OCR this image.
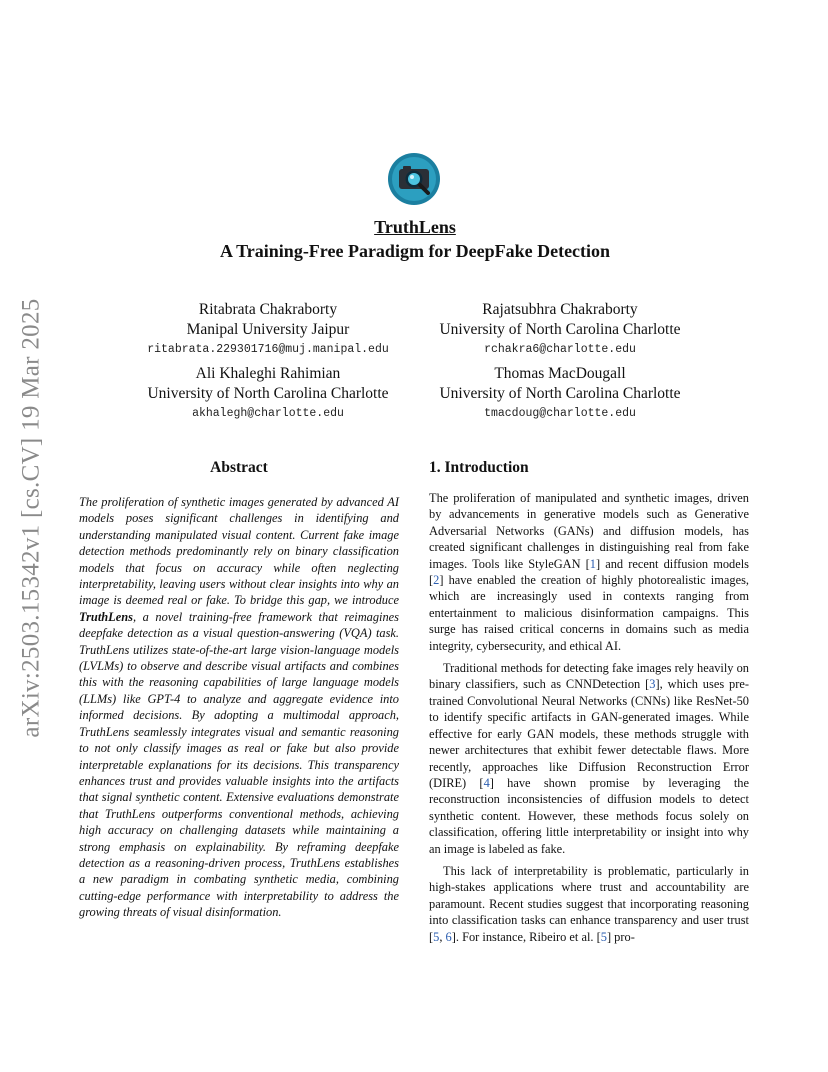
arXiv:2503.15342v1 [cs.CV] 19 Mar 2025
TruthLens
A Training-Free Paradigm for DeepFake Detection
Ritabrata Chakraborty
Manipal University Jaipur
ritabrata.229301716@muj.manipal.edu
Rajatsubhra Chakraborty
University of North Carolina Charlotte
rchakra6@charlotte.edu
Ali Khaleghi Rahimian
University of North Carolina Charlotte
akhalegh@charlotte.edu
Thomas MacDougall
University of North Carolina Charlotte
tmacdoug@charlotte.edu
Abstract	1. Introduction
The proliferation of synthetic images generated by advanced AI models poses significant challenges in identifying and understanding manipulated visual content. Current fake image detection methods predominantly rely on binary classification models that focus on accuracy while often neglecting interpretability, leaving users without clear insights into why an image is deemed real or fake. To bridge this gap, we introduce TruthLens, a novel training-free framework that reimagines deepfake detection as a visual question-answering (VQA) task. TruthLens utilizes state-of-the-art large vision-language models (LVLMs) to observe and describe visual artifacts and combines this with the reasoning capabilities of large language models (LLMs) like GPT-4 to analyze and aggregate evidence into informed decisions. By adopting a multimodal approach, TruthLens seamlessly integrates visual and semantic reasoning to not only classify images as real or fake but also provide interpretable explanations for its decisions. This transparency enhances trust and provides valuable insights into the artifacts that signal synthetic content. Extensive evaluations demonstrate that TruthLens outperforms conventional methods, achieving high accuracy on challenging datasets while maintaining a strong emphasis on explainability. By reframing deepfake detection as a reasoning-driven process, TruthLens establishes a new paradigm in combating synthetic media, combining cutting-edge performance with interpretability to address the growing threats of visual disinformation.

The proliferation of manipulated and synthetic images, driven by advancements in generative models such as Generative Adversarial Networks (GANs) and diffusion models, has created significant challenges in distinguishing real from fake images. Tools like StyleGAN [1] and recent diffusion models [2] have enabled the creation of highly photorealistic images, which are increasingly used in contexts ranging from entertainment to malicious disinformation campaigns. This surge has raised critical concerns in domains such as media integrity, cybersecurity, and ethical AI.

Traditional methods for detecting fake images rely heavily on binary classifiers, such as CNNDetection [3], which uses pre-trained Convolutional Neural Networks (CNNs) like ResNet-50 to identify specific artifacts in GAN-generated images. While effective for early GAN models, these methods struggle with newer architectures that exhibit fewer detectable flaws. More recently, approaches like Diffusion Reconstruction Error (DIRE) [4] have shown promise by leveraging the reconstruction inconsistencies of diffusion models to detect synthetic content. However, these methods focus solely on classification, offering little interpretability or insight into why an image is labeled as fake.

This lack of interpretability is problematic, particularly in high-stakes applications where trust and accountability are paramount. Recent studies suggest that incorporating reasoning into classification tasks can enhance transparency and user trust [5, 6]. For instance, Ribeiro et al. [5] pro-
